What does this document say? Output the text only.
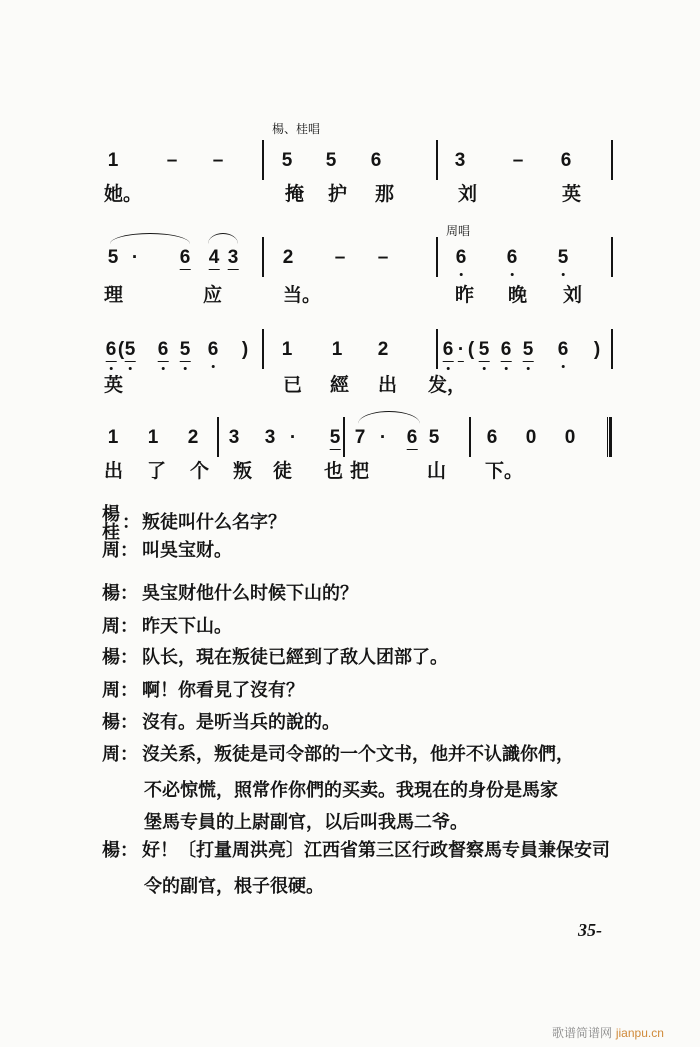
1	– –	5 5 6	3 – 6
她。	掩 护 那	刘	英
5 · 6 4 3 2 – –	6 6 5
理	应	当。	昨 晚 刘
6 ( 5 6 5 6 ) 1 1 2	6 · ( 5 6 5 6 )
英	已 經 出 发，
1 1 2 3 3 · 5 7 · 6 5 6 0 0
出 了 个 叛 徒 也 把	山 下。
楊
桂 ： 叛徒叫什么名字？
周： 叫吳宝财。
楊： 吳宝财他什么时候下山的？
周： 昨天下山。
楊： 队长，現在叛徒已經到了敌人团部了。
周： 啊！你看見了沒有？
楊： 沒有。是听当兵的說的。
周： 沒关系，叛徒是司令部的一个文书，他并不认識你們，
不必惊慌，照常作你們的买卖。我現在的身份是馬家
堡馬专員的上尉副官，以后叫我馬二爷。
楊： 好！〔打量周洪亮〕江西省第三区行政督察馬专員兼保安司
令的副官，根子很硬。
楊、桂唱
周唱
35-
歌谱简谱网 jianpu.cn
